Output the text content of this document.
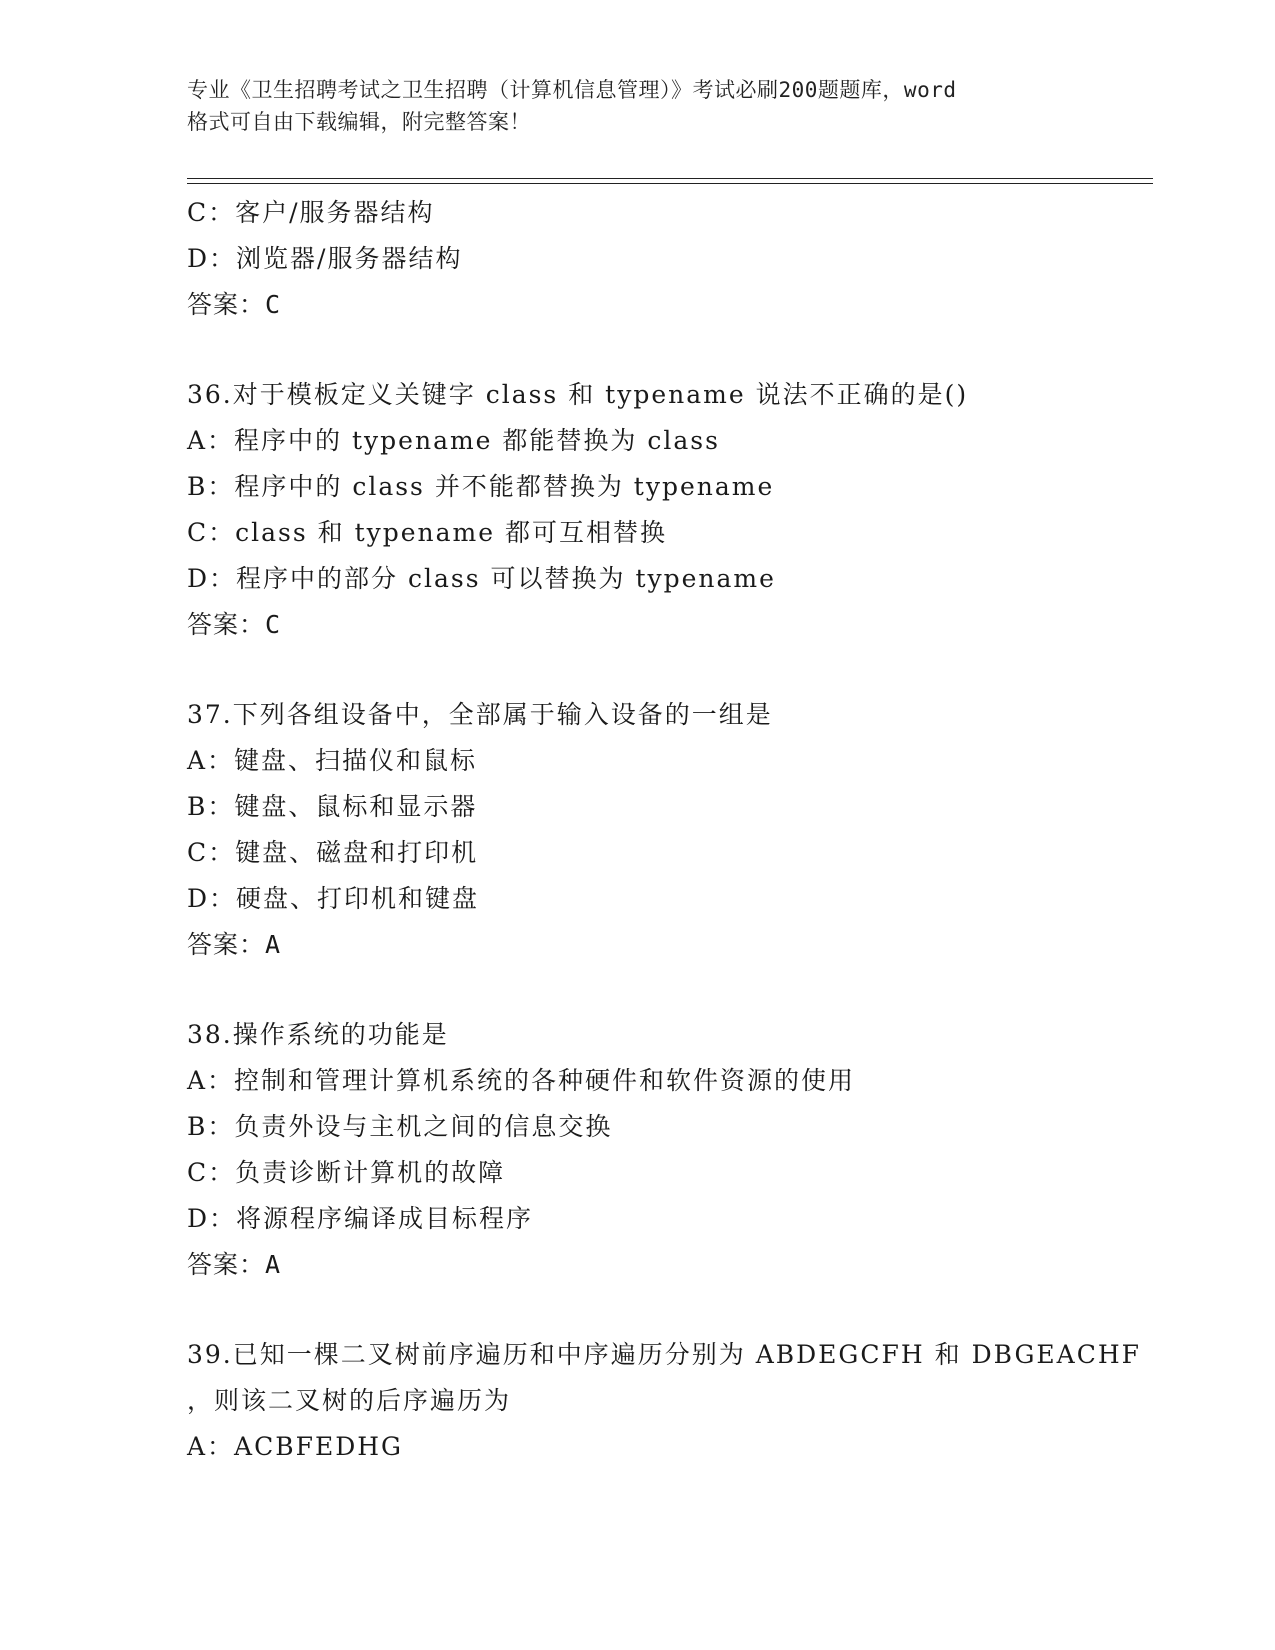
专业《卫生招聘考试之卫生招聘（计算机信息管理）》考试必刷200题题库，word
格式可自由下载编辑，附完整答案！
C：客户/服务器结构
D：浏览器/服务器结构
答案：C
36.对于模板定义关键字 class 和 typename 说法不正确的是()
A：程序中的 typename 都能替换为 class
B：程序中的 class 并不能都替换为 typename
C：class 和 typename 都可互相替换
D：程序中的部分 class 可以替换为 typename
答案：C
37.下列各组设备中，全部属于输入设备的一组是
A：键盘、扫描仪和鼠标
B：键盘、鼠标和显示器
C：键盘、磁盘和打印机
D：硬盘、打印机和键盘
答案：A
38.操作系统的功能是
A：控制和管理计算机系统的各种硬件和软件资源的使用
B：负责外设与主机之间的信息交换
C：负责诊断计算机的故障
D：将源程序编译成目标程序
答案：A
39.已知一棵二叉树前序遍历和中序遍历分别为 ABDEGCFH 和 DBGEACHF
，则该二叉树的后序遍历为
A：ACBFEDHG
